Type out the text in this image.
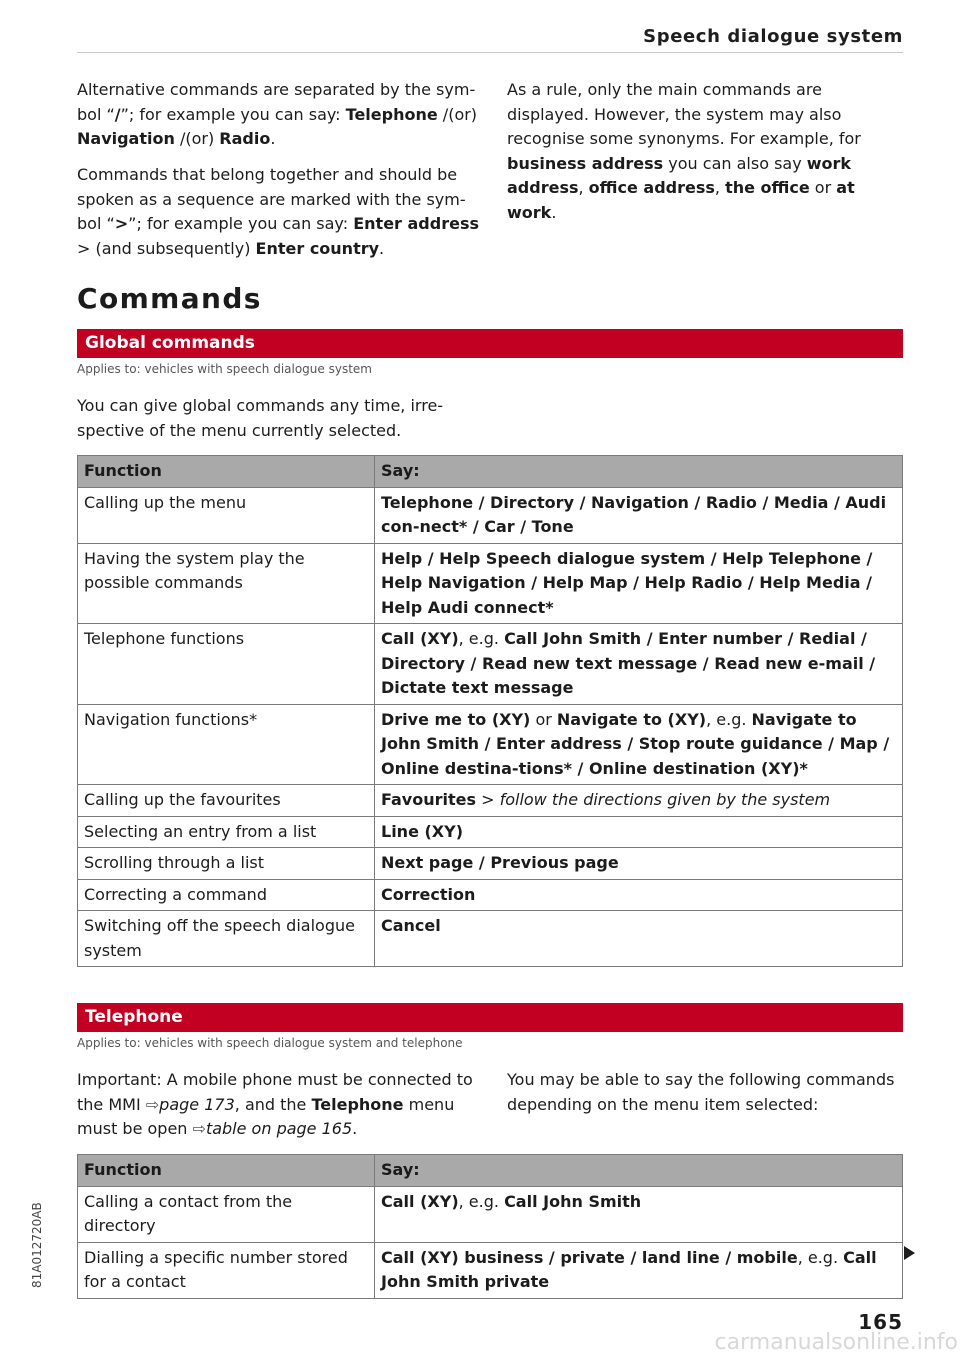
Speech dialogue system
Alternative commands are separated by the sym-bol “/”; for example you can say: Telephone /(or) Navigation /(or) Radio.
Commands that belong together and should be spoken as a sequence are marked with the sym-bol “>”; for example you can say: Enter address > (and subsequently) Enter country.
As a rule, only the main commands are displayed. However, the system may also recognise some synonyms. For example, for business address you can also say work address, office address, the office or at work.
Commands
Global commands
Applies to: vehicles with speech dialogue system
You can give global commands any time, irre-spective of the menu currently selected.
Function	Say:
Calling up the menu	Telephone / Directory / Navigation / Radio / Media / Audi con-nect* / Car / Tone
Having the system play the possible commands	Help / Help Speech dialogue system / Help Telephone / Help Navigation / Help Map / Help Radio / Help Media / Help Audi connect*
Telephone functions	Call (XY), e.g. Call John Smith / Enter number / Redial / Directory / Read new text message / Read new e-mail / Dictate text message
Navigation functions*	Drive me to (XY) or Navigate to (XY), e.g. Navigate to John Smith / Enter address / Stop route guidance / Map / Online destina-tions* / Online destination (XY)*
Calling up the favourites	Favourites > follow the directions given by the system
Selecting an entry from a list	Line (XY)
Scrolling through a list	Next page / Previous page
Correcting a command	Correction
Switching off the speech dialogue system	Cancel
Telephone
Applies to: vehicles with speech dialogue system and telephone
Important: A mobile phone must be connected to the MMI ⇨page 173, and the Telephone menu must be open ⇨table on page 165.
You may be able to say the following commands depending on the menu item selected:
Function	Say:
Calling a contact from the directory	Call (XY), e.g. Call John Smith
Dialling a specific number stored for a contact	Call (XY) business / private / land line / mobile, e.g. Call John Smith private
81A012720AB
165
carmanualsonline.info
